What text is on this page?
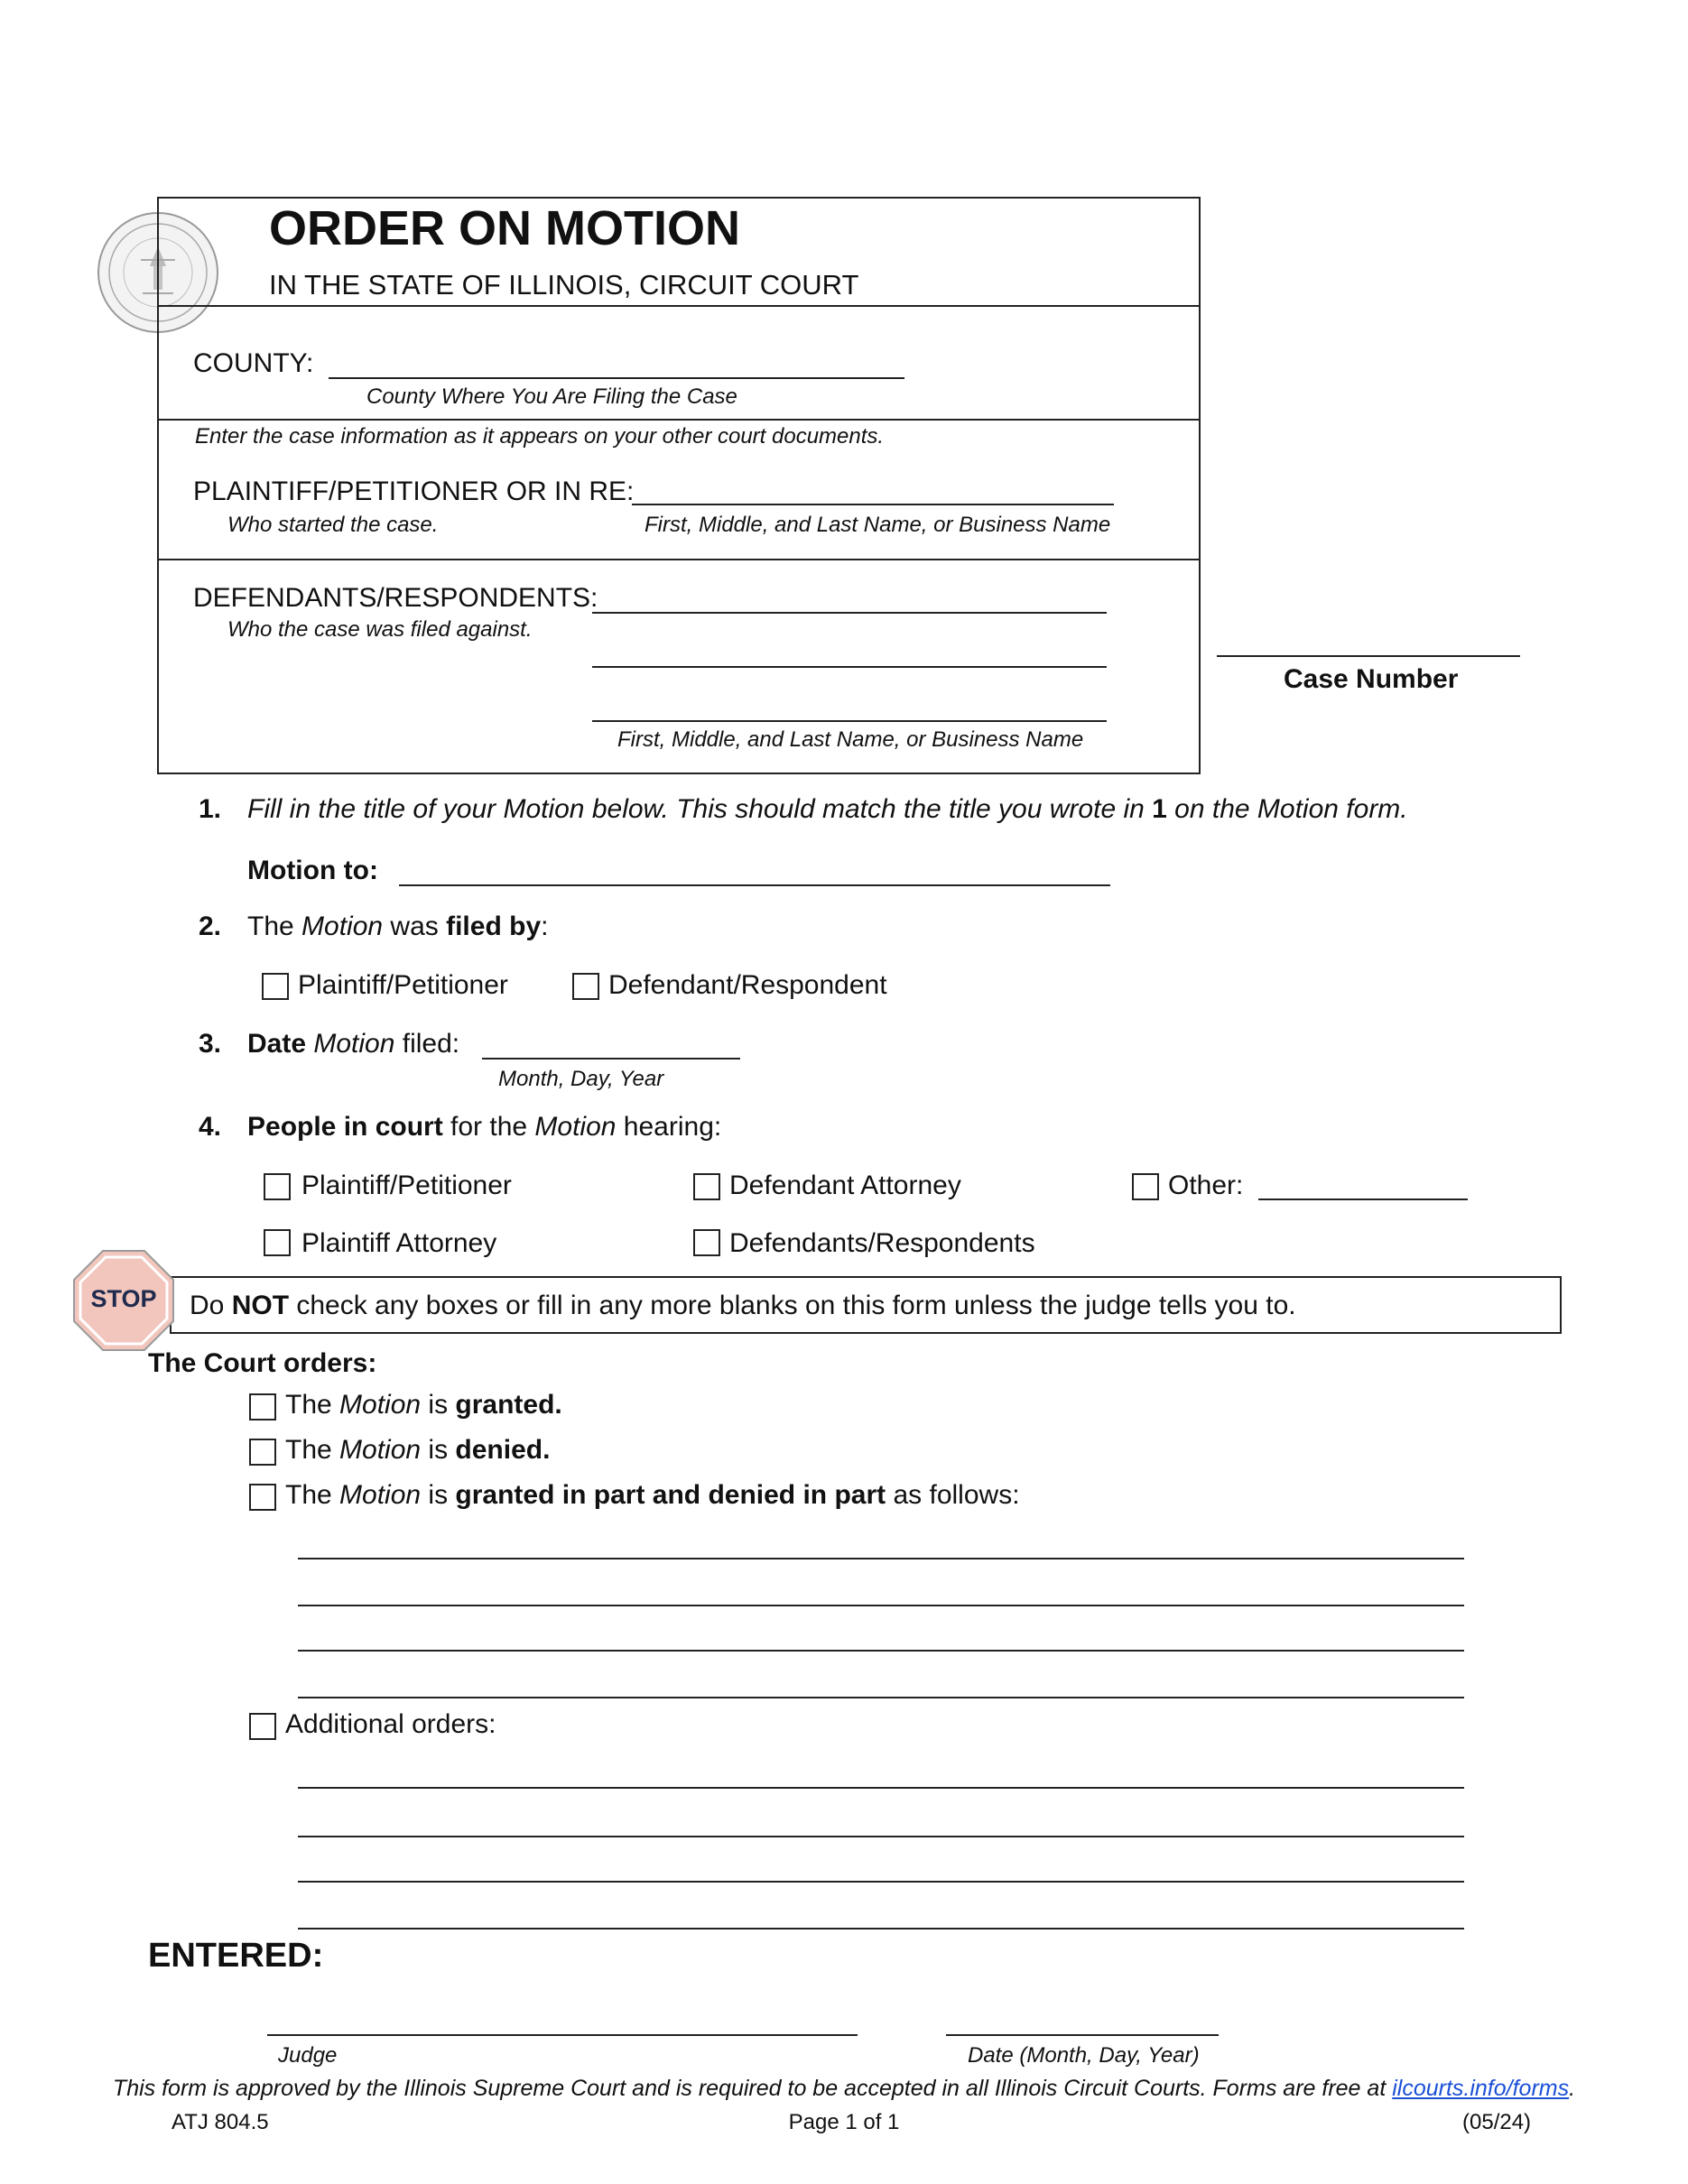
SEAL OF THE SUPREME COURT STATE OF ILLINOIS
ORDER ON MOTION
IN THE STATE OF ILLINOIS, CIRCUIT COURT
COUNTY:
County Where You Are Filing the Case
Enter the case information as it appears on your other court documents.
PLAINTIFF/PETITIONER OR IN RE:
Who started the case.	First, Middle, and Last Name, or Business Name
DEFENDANTS/RESPONDENTS:
Who the case was filed against.
First, Middle, and Last Name, or Business Name
Case Number
1. Fill in the title of your Motion below. This should match the title you wrote in 1 on the Motion form.
Motion to:
2. The Motion was filed by:
Plaintiff/Petitioner	Defendant/Respondent
3. Date Motion filed:
Month, Day, Year
4. People in court for the Motion hearing:
Plaintiff/Petitioner	Defendant Attorney	Other:
Plaintiff Attorney	Defendants/Respondents
STOP	Do NOT check any boxes or fill in any more blanks on this form unless the judge tells you to.
The Court orders:
The Motion is granted.
The Motion is denied.
The Motion is granted in part and denied in part as follows:
Additional orders:
ENTERED:
Judge	Date (Month, Day, Year)
This form is approved by the Illinois Supreme Court and is required to be accepted in all Illinois Circuit Courts. Forms are free at ilcourts.info/forms.
ATJ 804.5	Page 1 of 1	(05/24)
